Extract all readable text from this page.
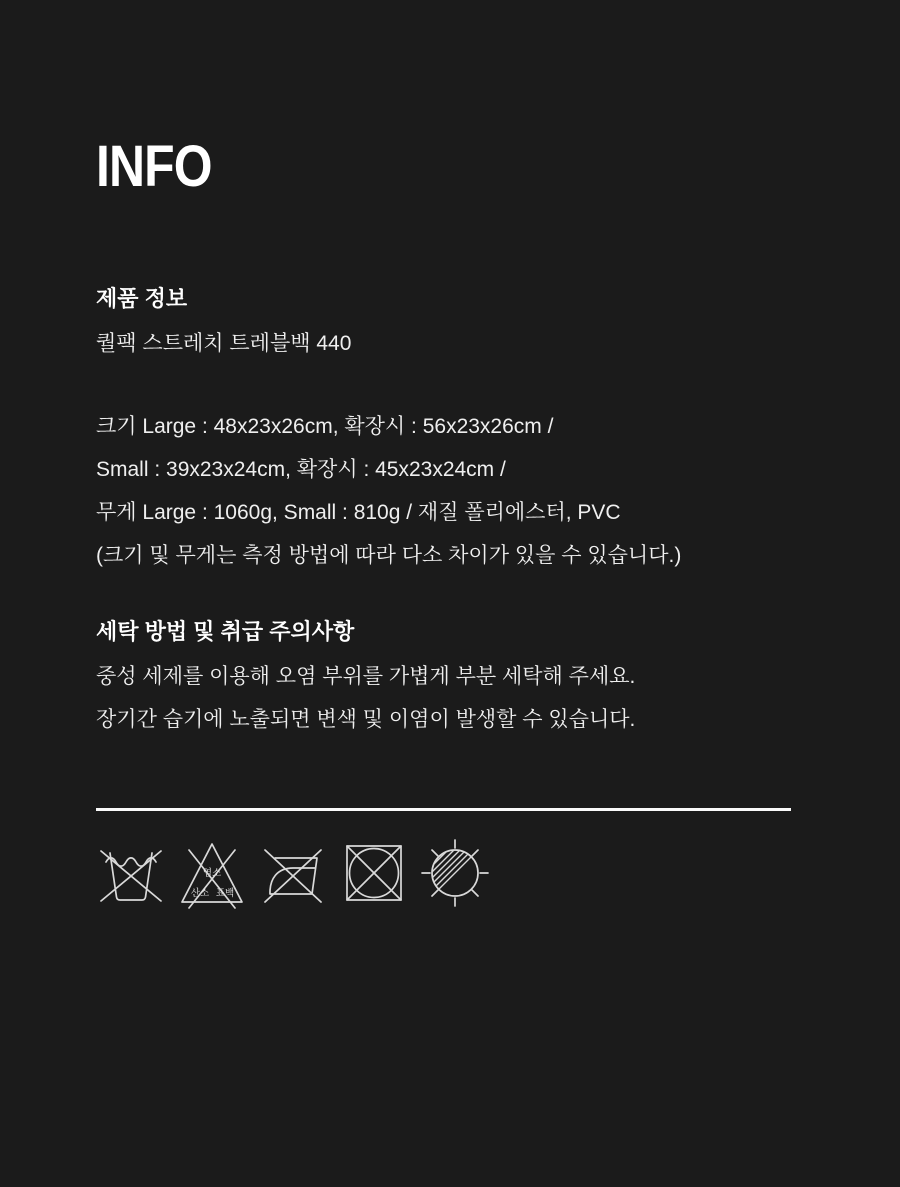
INFO
제품 정보

퀄팩 스트레치 트레블백 440

크기 Large : 48x23x26cm, 확장시 : 56x23x26cm /

Small : 39x23x24cm, 확장시 : 45x23x24cm /

무게 Large : 1060g, Small : 810g / 재질 폴리에스터, PVC

(크기 및 무게는 측정 방법에 따라 다소 차이가 있을 수 있습니다.)

세탁 방법 및 취급 주의사항

중성 세제를 이용해 오염 부위를 가볍게 부분 세탁해 주세요.

장기간 습기에 노출되면 변색 및 이염이 발생할 수 있습니다.

염소
산소 표백
